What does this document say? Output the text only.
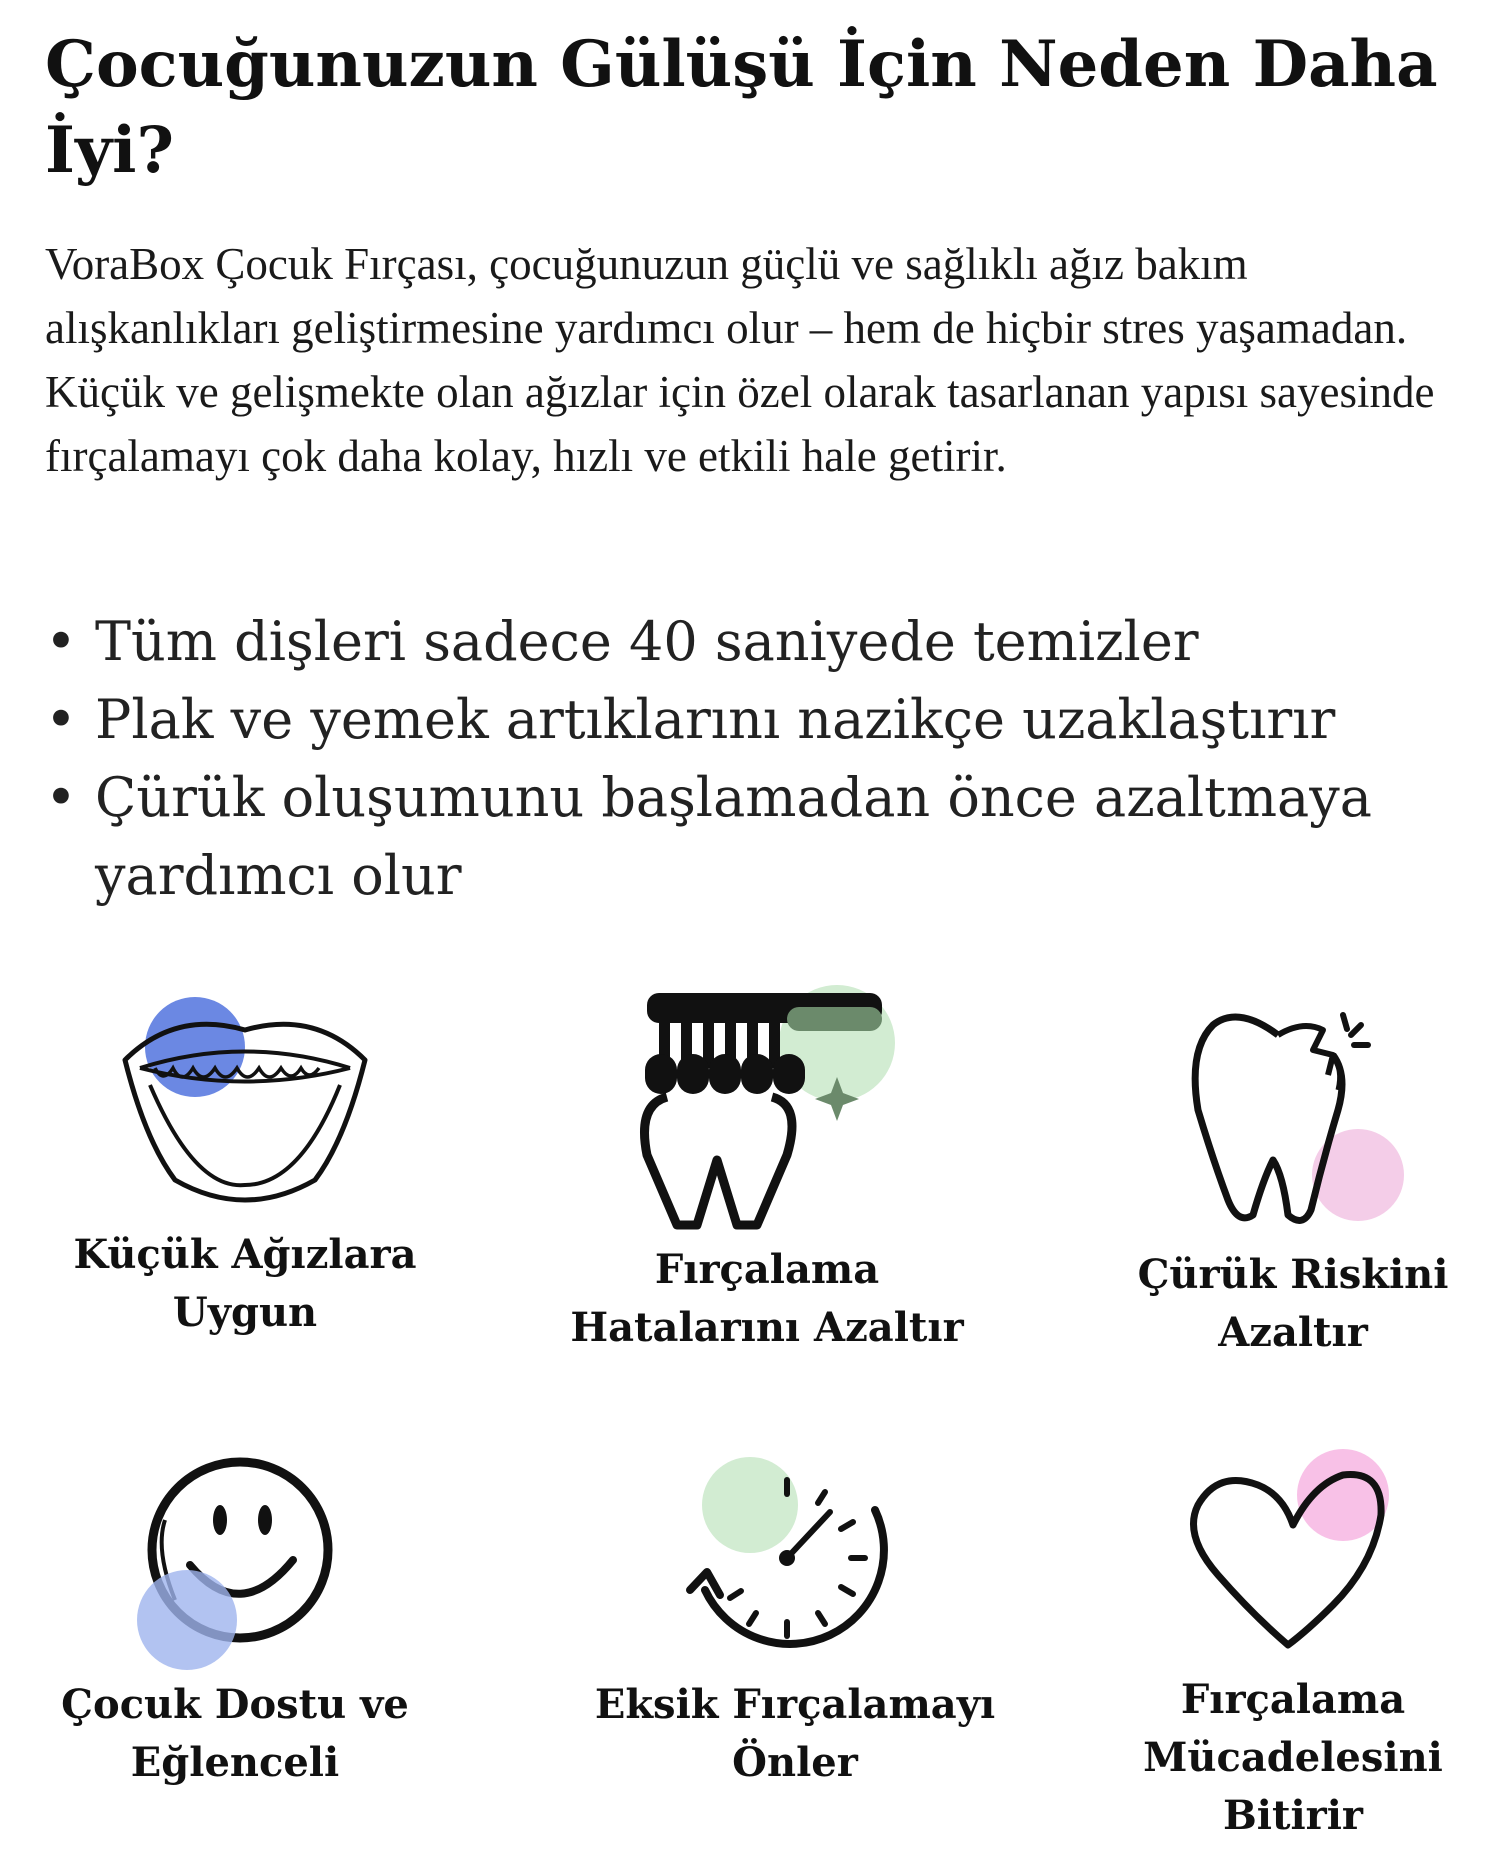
Çocuğunuzun Gülüşü İçin Neden Daha İyi?

VoraBox Çocuk Fırçası, çocuğunuzun güçlü ve sağlıklı ağız bakım alışkanlıkları geliştirmesine yardımcı olur – hem de hiçbir stres yaşamadan. Küçük ve gelişmekte olan ağızlar için özel olarak tasarlanan yapısı sayesinde fırçalamayı çok daha kolay, hızlı ve etkili hale getirir.

• Tüm dişleri sadece 40 saniyede temizler
• Plak ve yemek artıklarını nazikçe uzaklaştırır
• Çürük oluşumunu başlamadan önce azaltmaya yardımcı olur
Küçük Ağızlara Uygun
Fırçalama Hatalarını Azaltır
Çürük Riskini Azaltır
Çocuk Dostu ve Eğlenceli
Eksik Fırçalamayı Önler
Fırçalama Mücadelesini Bitirir
